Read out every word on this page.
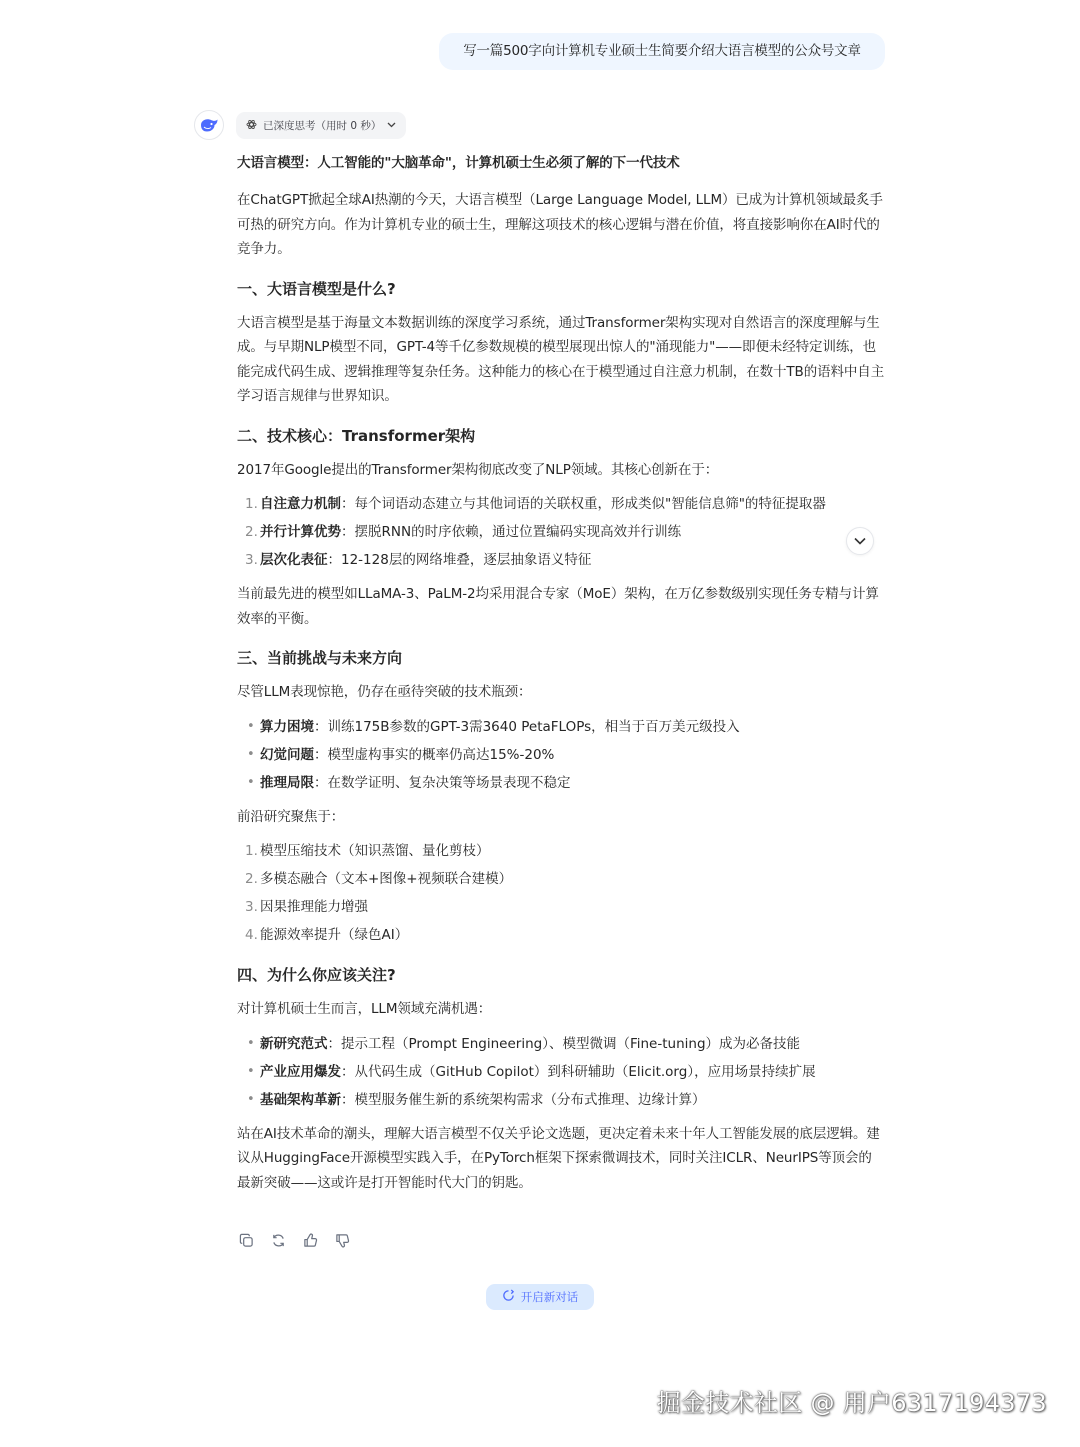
写一篇500字向计算机专业硕士生简要介绍大语言模型的公众号文章
已深度思考（用时 0 秒）

大语言模型：人工智能的"大脑革命"，计算机硕士生必须了解的下一代技术

在ChatGPT掀起全球AI热潮的今天，大语言模型（Large Language Model, LLM）已成为计算机领域最炙手可热的研究方向。作为计算机专业的硕士生，理解这项技术的核心逻辑与潜在价值，将直接影响你在AI时代的竞争力。

一、大语言模型是什么?

大语言模型是基于海量文本数据训练的深度学习系统，通过Transformer架构实现对自然语言的深度理解与生成。与早期NLP模型不同，GPT-4等千亿参数规模的模型展现出惊人的"涌现能力"——即便未经特定训练，也能完成代码生成、逻辑推理等复杂任务。这种能力的核心在于模型通过自注意力机制，在数十TB的语料中自主学习语言规律与世界知识。

二、技术核心：Transformer架构

2017年Google提出的Transformer架构彻底改变了NLP领域。其核心创新在于：

1. 自注意力机制：每个词语动态建立与其他词语的关联权重，形成类似"智能信息筛"的特征提取器
2. 并行计算优势：摆脱RNN的时序依赖，通过位置编码实现高效并行训练
3. 层次化表征：12-128层的网络堆叠，逐层抽象语义特征

当前最先进的模型如LLaMA-3、PaLM-2均采用混合专家（MoE）架构，在万亿参数级别实现任务专精与计算效率的平衡。

三、当前挑战与未来方向

尽管LLM表现惊艳，仍存在亟待突破的技术瓶颈：

• 算力困境：训练175B参数的GPT-3需3640 PetaFLOPs，相当于百万美元级投入
• 幻觉问题：模型虚构事实的概率仍高达15%-20%
• 推理局限：在数学证明、复杂决策等场景表现不稳定

前沿研究聚焦于：

1. 模型压缩技术（知识蒸馏、量化剪枝）
2. 多模态融合（文本+图像+视频联合建模）
3. 因果推理能力增强
4. 能源效率提升（绿色AI）
四、为什么你应该关注?

对计算机硕士生而言，LLM领域充满机遇：

• 新研究范式：提示工程（Prompt Engineering）、模型微调（Fine-tuning）成为必备技能
• 产业应用爆发：从代码生成（GitHub Copilot）到科研辅助（Elicit.org），应用场景持续扩展
• 基础架构革新：模型服务催生新的系统架构需求（分布式推理、边缘计算）

站在AI技术革命的潮头，理解大语言模型不仅关乎论文选题，更决定着未来十年人工智能发展的底层逻辑。建议从HuggingFace开源模型实践入手，在PyTorch框架下探索微调技术，同时关注ICLR、NeurIPS等顶会的最新突破——这或许是打开智能时代大门的钥匙。

开启新对话
掘金技术社区 @ 用户6317194373
